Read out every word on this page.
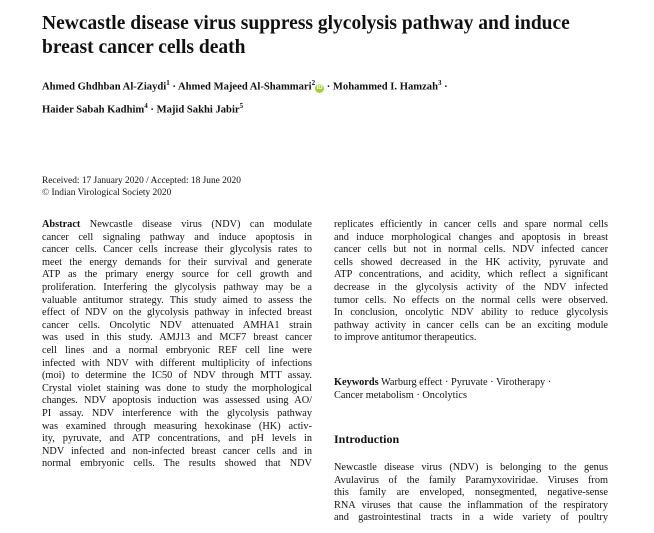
Newcastle disease virus suppress glycolysis pathway and induce
breast cancer cells death
Ahmed Ghdhban Al-Ziaydi$^1$ · Ahmed Majeed Al-Shammari$^2$iD · Mohammed I. Hamzah$^3$ ·
Haider Sabah Kadhim$^4$ · Majid Sakhi Jabir$^5$
Received: 17 January 2020 / Accepted: 18 June 2020
© Indian Virological Society 2020
Abstract Newcastle disease virus (NDV) can modulate
cancer cell signaling pathway and induce apoptosis in
cancer cells. Cancer cells increase their glycolysis rates to
meet the energy demands for their survival and generate
ATP as the primary energy source for cell growth and
proliferation. Interfering the glycolysis pathway may be a
valuable antitumor strategy. This study aimed to assess the
effect of NDV on the glycolysis pathway in infected breast
cancer cells. Oncolytic NDV attenuated AMHA1 strain
was used in this study. AMJ13 and MCF7 breast cancer
cell lines and a normal embryonic REF cell line were
infected with NDV with different multiplicity of infections
(moi) to determine the IC50 of NDV through MTT assay.
Crystal violet staining was done to study the morphological
changes. NDV apoptosis induction was assessed using AO/
PI assay. NDV interference with the glycolysis pathway
was examined through measuring hexokinase (HK) activ-
ity, pyruvate, and ATP concentrations, and pH levels in
NDV infected and non-infected breast cancer cells and in
normal embryonic cells. The results showed that NDV
replicates efficiently in cancer cells and spare normal cells
and induce morphological changes and apoptosis in breast
cancer cells but not in normal cells. NDV infected cancer
cells showed decreased in the HK activity, pyruvate and
ATP concentrations, and acidity, which reflect a significant
decrease in the glycolysis activity of the NDV infected
tumor cells. No effects on the normal cells were observed.
In conclusion, oncolytic NDV ability to reduce glycolysis
pathway activity in cancer cells can be an exciting module
to improve antitumor therapeutics.
Keywords Warburg effect · Pyruvate · Virotherapy ·
Cancer metabolism · Oncolytics
Introduction
Newcastle disease virus (NDV) is belonging to the genus
Avulavirus of the family Paramyxoviridae. Viruses from
this family are enveloped, nonsegmented, negative-sense
RNA viruses that cause the inflammation of the respiratory
and gastrointestinal tracts in a wide variety of poultry
